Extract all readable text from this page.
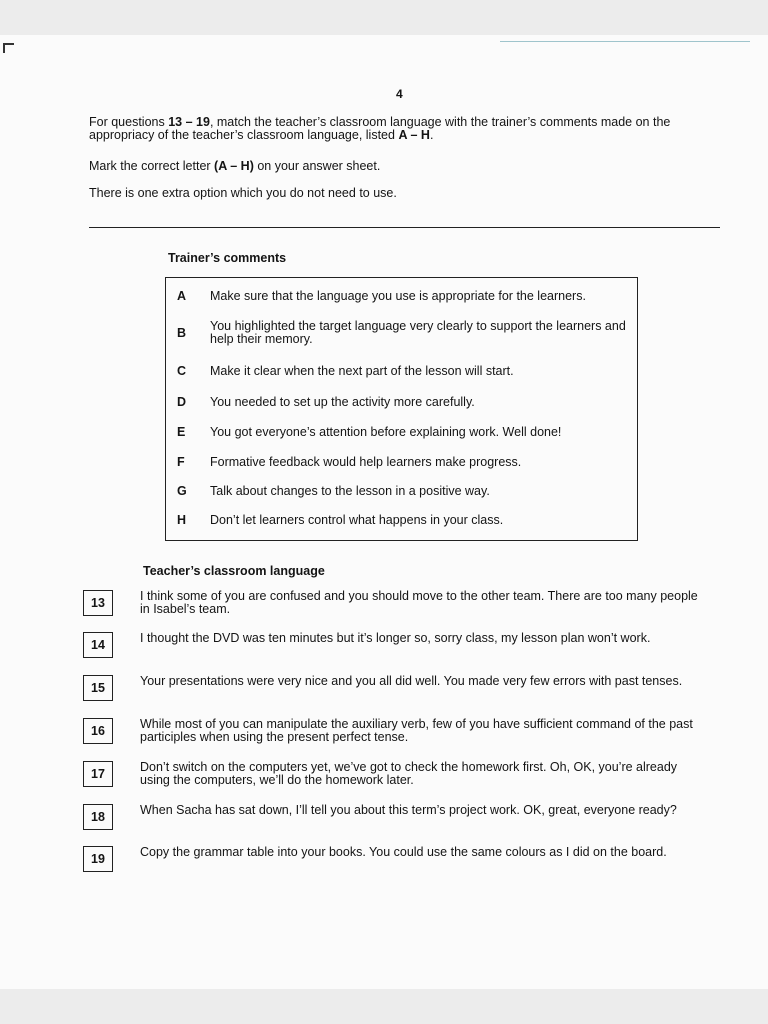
4
For questions 13 – 19, match the teacher’s classroom language with the trainer’s comments made on the appropriacy of the teacher’s classroom language, listed A – H.
Mark the correct letter (A – H) on your answer sheet.
There is one extra option which you do not need to use.
Trainer’s comments
A Make sure that the language you use is appropriate for the learners.
B You highlighted the target language very clearly to support the learners and help their memory.
C Make it clear when the next part of the lesson will start.
D You needed to set up the activity more carefully.
E You got everyone’s attention before explaining work. Well done!
F Formative feedback would help learners make progress.
G Talk about changes to the lesson in a positive way.
H Don’t let learners control what happens in your class.
Teacher’s classroom language
13	I think some of you are confused and you should move to the other team. There are too many people in Isabel’s team.
14	I thought the DVD was ten minutes but it’s longer so, sorry class, my lesson plan won’t work.
15	Your presentations were very nice and you all did well. You made very few errors with past tenses.
16	While most of you can manipulate the auxiliary verb, few of you have sufficient command of the past participles when using the present perfect tense.
17	Don’t switch on the computers yet, we’ve got to check the homework first. Oh, OK, you’re already using the computers, we’ll do the homework later.
18	When Sacha has sat down, I’ll tell you about this term’s project work. OK, great, everyone ready?
19	Copy the grammar table into your books. You could use the same colours as I did on the board.
